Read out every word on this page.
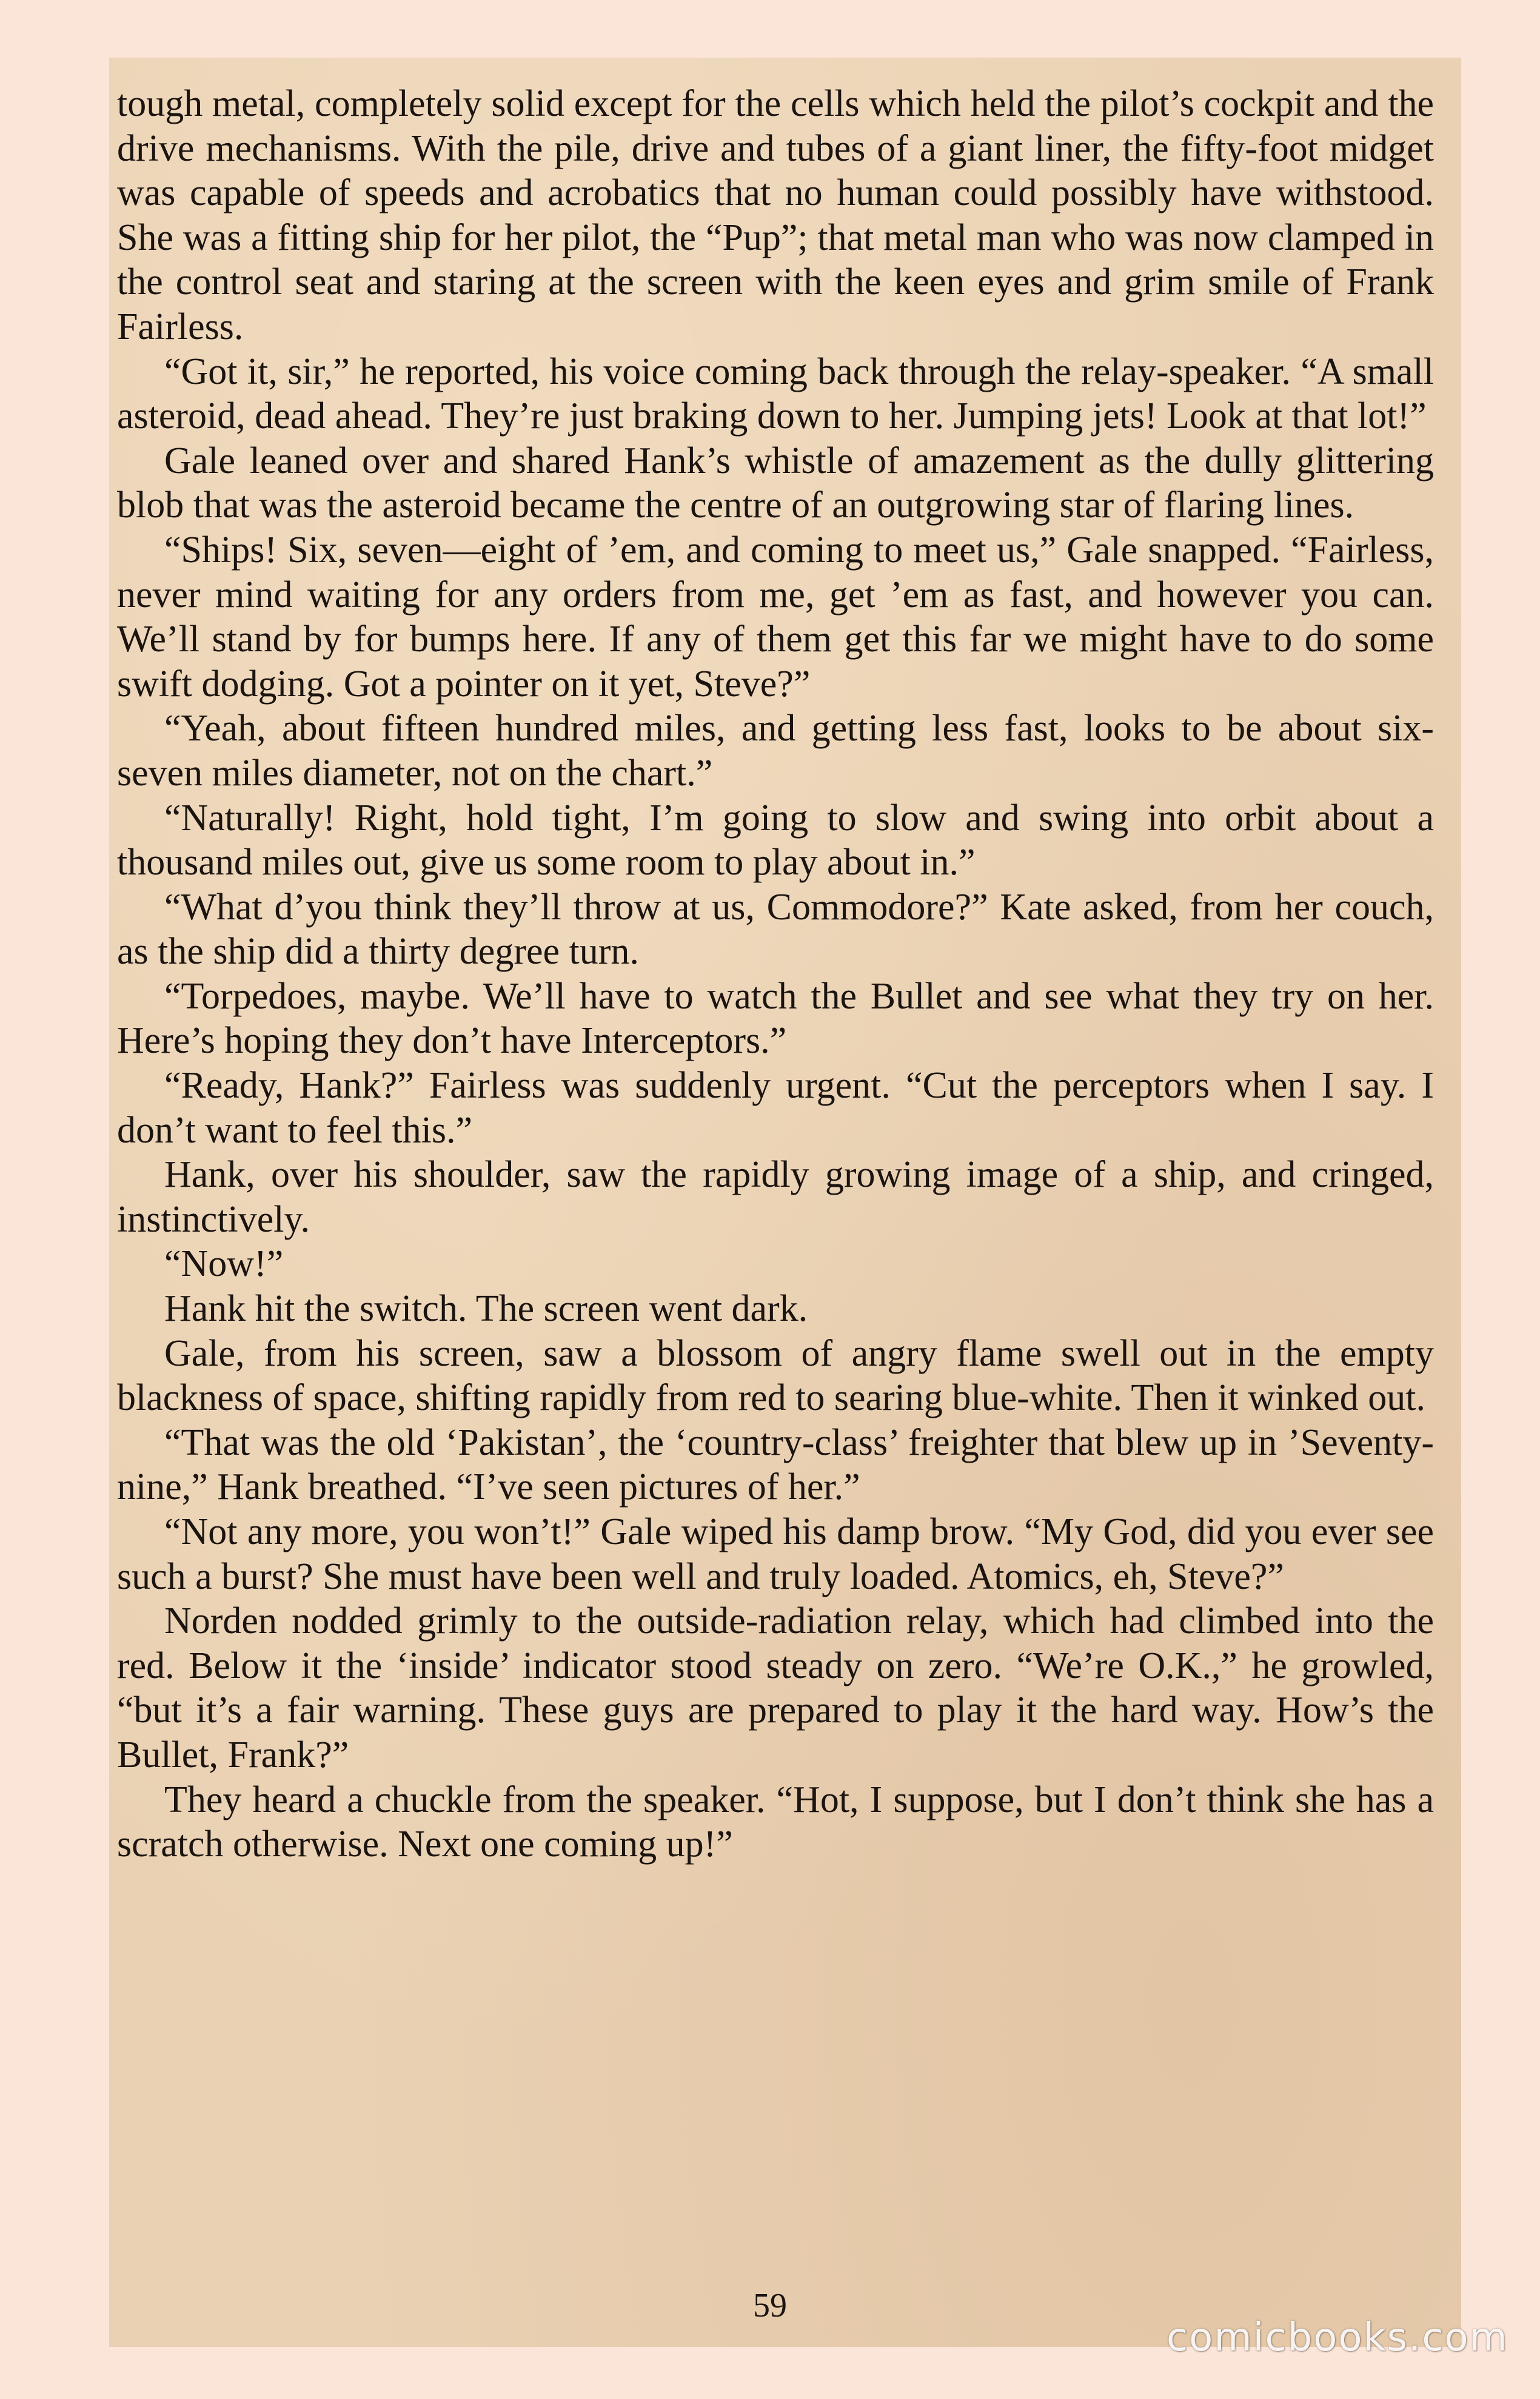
tough metal, completely solid except for the cells which held the pilot’s cockpit and the drive mechanisms. With the pile, drive and tubes of a giant liner, the fifty-foot midget was capable of speeds and acrobatics that no human could possibly have withstood. She was a fitting ship for her pilot, the “Pup”; that metal man who was now clamped in the control seat and staring at the screen with the keen eyes and grim smile of Frank Fairless.

“Got it, sir,” he reported, his voice coming back through the relay-speaker. “A small asteroid, dead ahead. They’re just braking down to her. Jumping jets! Look at that lot!”

Gale leaned over and shared Hank’s whistle of amazement as the dully glittering blob that was the asteroid became the centre of an outgrowing star of flaring lines.

“Ships! Six, seven—eight of ’em, and coming to meet us,” Gale snapped. “Fairless, never mind waiting for any orders from me, get ’em as fast, and however you can. We’ll stand by for bumps here. If any of them get this far we might have to do some swift dodging. Got a pointer on it yet, Steve?”

“Yeah, about fifteen hundred miles, and getting less fast, looks to be about six-seven miles diameter, not on the chart.”

“Naturally! Right, hold tight, I’m going to slow and swing into orbit about a thousand miles out, give us some room to play about in.”

“What d’you think they’ll throw at us, Commodore?” Kate asked, from her couch, as the ship did a thirty degree turn.

“Torpedoes, maybe. We’ll have to watch the Bullet and see what they try on her. Here’s hoping they don’t have Interceptors.”

“Ready, Hank?” Fairless was suddenly urgent. “Cut the perceptors when I say. I don’t want to feel this.”

Hank, over his shoulder, saw the rapidly growing image of a ship, and cringed, instinctively.

“Now!”

Hank hit the switch. The screen went dark.

Gale, from his screen, saw a blossom of angry flame swell out in the empty blackness of space, shifting rapidly from red to searing blue-white. Then it winked out.

“That was the old ‘Pakistan’, the ‘country-class’ freighter that blew up in ’Seventy-nine,” Hank breathed. “I’ve seen pictures of her.”

“Not any more, you won’t!” Gale wiped his damp brow. “My God, did you ever see such a burst? She must have been well and truly loaded. Atomics, eh, Steve?”

Norden nodded grimly to the outside-radiation relay, which had climbed into the red. Below it the ‘inside’ indicator stood steady on zero. “We’re O.K.,” he growled, “but it’s a fair warning. These guys are prepared to play it the hard way. How’s the Bullet, Frank?”

They heard a chuckle from the speaker. “Hot, I suppose, but I don’t think she has a scratch otherwise. Next one coming up!”

59
comicbooks.com
